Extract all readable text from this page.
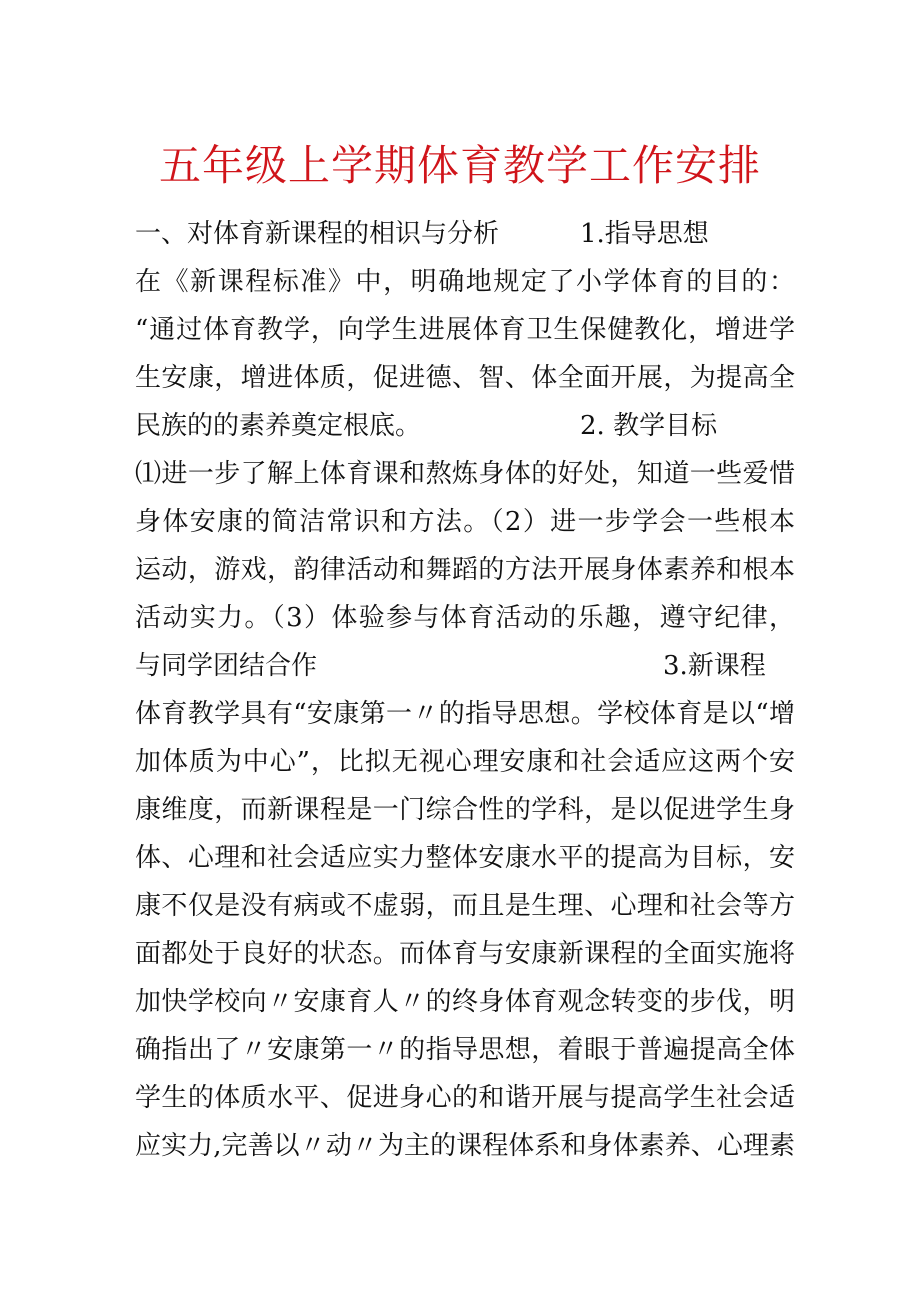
五年级上学期体育教学工作安排
一、对体育新课程的相识与分析	1.指导思想
在《新课程标准》中，明确地规定了小学体育的目的：
“通过体育教学，向学生进展体育卫生保健教化，增进学
生安康，增进体质，促进德、智、体全面开展，为提高全
民族的的素养奠定根底。	2. 教学目标
⑴进一步了解上体育课和熬炼身体的好处，知道一些爱惜
身体安康的简洁常识和方法。（2）进一步学会一些根本
运动，游戏，韵律活动和舞蹈的方法开展身体素养和根本
活动实力。（3）体验参与体育活动的乐趣，遵守纪律，
与同学团结合作	3.新课程
体育教学具有“安康第一〃的指导思想。学校体育是以“增
加体质为中心”，比拟无视心理安康和社会适应这两个安
康维度，而新课程是一门综合性的学科，是以促进学生身
体、心理和社会适应实力整体安康水平的提高为目标，安
康不仅是没有病或不虚弱，而且是生理、心理和社会等方
面都处于良好的状态。而体育与安康新课程的全面实施将
加快学校向〃安康育人〃的终身体育观念转变的步伐，明
确指出了〃安康第一〃的指导思想，着眼于普遍提高全体
学生的体质水平、促进身心的和谐开展与提高学生社会适
应实力,完善以〃动〃为主的课程体系和身体素养、心理素
